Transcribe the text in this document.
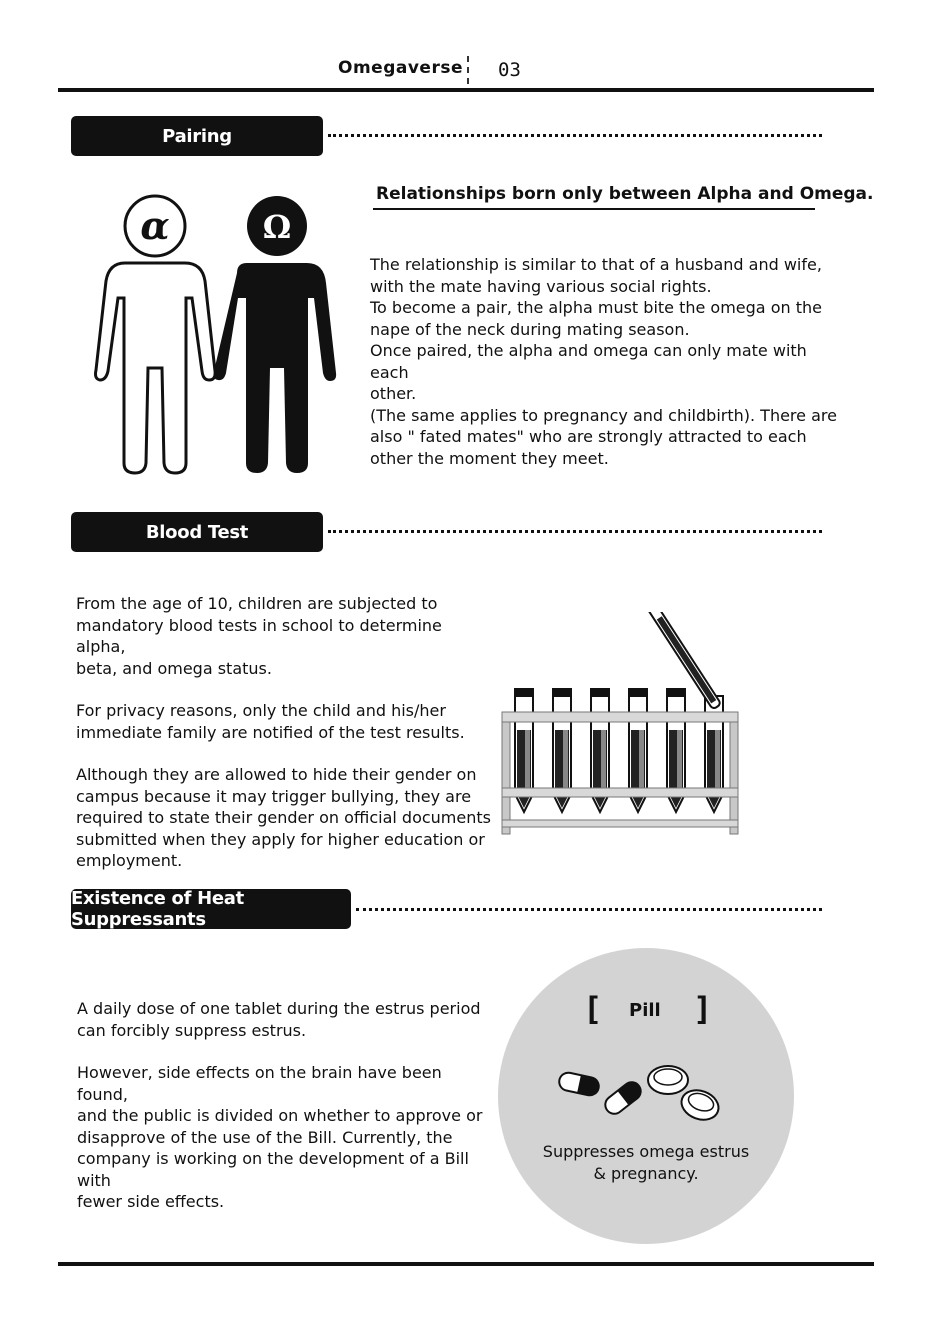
Omegaverse 03
Pairing
α	Ω
Relationships born only between Alpha and Omega.
The relationship is similar to that of a husband and wife,
with the mate having various social rights.
To become a pair, the alpha must bite the omega on the
nape of the neck during mating season.
Once paired, the alpha and omega can only mate with each
other.
(The same applies to pregnancy and childbirth). There are
also " fated mates" who are strongly attracted to each
other the moment they meet.
Blood Test
From the age of 10, children are subjected to
mandatory blood tests in school to determine alpha,
beta, and omega status.
For privacy reasons, only the child and his/her
immediate family are notified of the test results.
Although they are allowed to hide their gender on
campus because it may trigger bullying, they are
required to state their gender on official documents
submitted when they apply for higher education or
employment.
Existence of Heat Suppressants
A daily dose of one tablet during the estrus period
can forcibly suppress estrus.
However, side effects on the brain have been found,
and the public is divided on whether to approve or
disapprove of the use of the Bill. Currently, the
company is working on the development of a Bill with
fewer side effects.
[ Pill ]
Suppresses omega estrus
& pregnancy.
